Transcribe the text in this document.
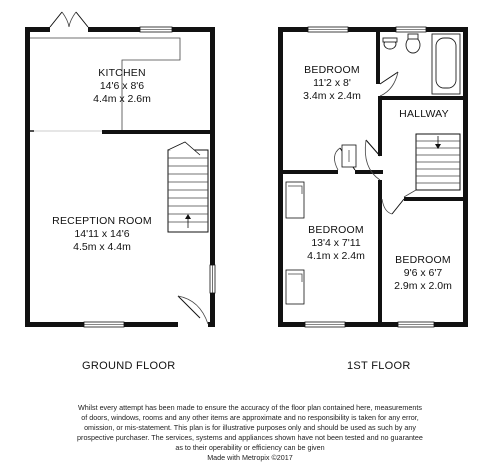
KITCHEN
14'6 x 8'6
4.4m x 2.6m
RECEPTION ROOM
14'11 x 14'6
4.5m x 4.4m
BEDROOM
11'2 x 8'
3.4m x 2.4m
HALLWAY
BEDROOM
13'4 x 7'11
4.1m x 2.4m	BEDROOM
9'6 x 6'7
2.9m x 2.0m
GROUND FLOOR	1ST FLOOR
Whilst every attempt has been made to ensure the accuracy of the floor plan contained here, measurements
of doors, windows, rooms and any other items are approximate and no responsibility is taken for any error,
omission, or mis-statement. This plan is for illustrative purposes only and should be used as such by any
prospective purchaser. The services, systems and appliances shown have not been tested and no guarantee
as to their operability or efficiency can be given
Made with Metropix ©2017
